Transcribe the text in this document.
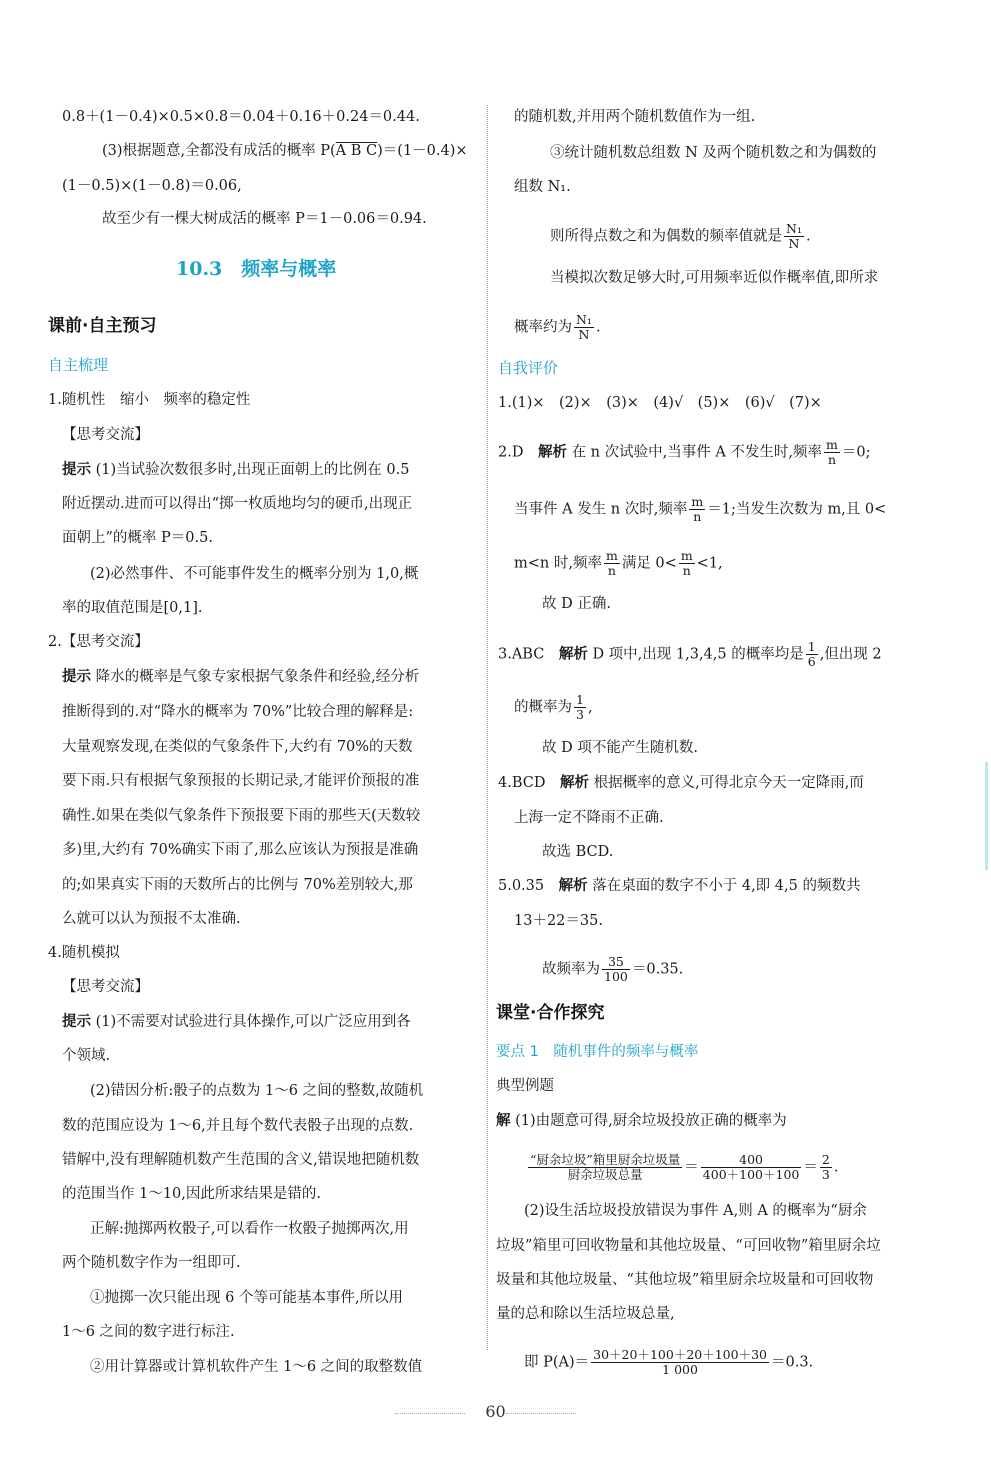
0.8＋(1－0.4)×0.5×0.8＝0.04＋0.16＋0.24＝0.44.
(3)根据题意,全都没有成活的概率 P(A B C)＝(1－0.4)×
(1－0.5)×(1－0.8)＝0.06,
故至少有一棵大树成活的概率 P＝1－0.06＝0.94.
10.3　频率与概率
课前·自主预习
自主梳理
1.随机性　缩小　频率的稳定性
【思考交流】
提示 (1)当试验次数很多时,出现正面朝上的比例在 0.5
附近摆动.进而可以得出“掷一枚质地均匀的硬币,出现正
面朝上”的概率 P＝0.5.
(2)必然事件、不可能事件发生的概率分别为 1,0,概
率的取值范围是[0,1].
2.【思考交流】
提示 降水的概率是气象专家根据气象条件和经验,经分析
推断得到的.对“降水的概率为 70%”比较合理的解释是:
大量观察发现,在类似的气象条件下,大约有 70%的天数
要下雨.只有根据气象预报的长期记录,才能评价预报的准
确性.如果在类似气象条件下预报要下雨的那些天(天数较
多)里,大约有 70%确实下雨了,那么应该认为预报是准确
的;如果真实下雨的天数所占的比例与 70%差别较大,那
么就可以认为预报不太准确.
4.随机模拟
【思考交流】
提示 (1)不需要对试验进行具体操作,可以广泛应用到各
个领域.
(2)错因分析:骰子的点数为 1～6 之间的整数,故随机
数的范围应设为 1～6,并且每个数代表骰子出现的点数.
错解中,没有理解随机数产生范围的含义,错误地把随机数
的范围当作 1～10,因此所求结果是错的.
正解:抛掷两枚骰子,可以看作一枚骰子抛掷两次,用
两个随机数字作为一组即可.
①抛掷一次只能出现 6 个等可能基本事件,所以用
1～6 之间的数字进行标注.
②用计算器或计算机软件产生 1～6 之间的取整数值
的随机数,并用两个随机数值作为一组.
③统计随机数总组数 N 及两个随机数之和为偶数的
组数 N₁.
则所得点数之和为偶数的频率值就是 $\frac{\text{N₁}}{N}$ .
当模拟次数足够大时,可用频率近似作概率值,即所求
概率约为 $\frac{\text{N₁}}{N}$ .
自我评价
1.(1)×　(2)×　(3)×　(4)√　(5)×　(6)√　(7)×
2.D　 解析 在 n 次试验中,当事件 A 不发生时,频率 $\frac{m}{n} =0$;
当事件 A 发生 n 次时,频率 $\frac{m}{n} =1$;当发生次数为 m,且 0<
m<n 时,频率 $\frac{m}{n}$ 满足 $0< \frac{m}{n} <1$,
故 D 正确.
3.ABC　 解析 D 项中,出现 1,3,4,5 的概率均是 $\frac{1}{6}$ ,但出现 2
的概率为 $\frac{1}{3}$ ,
故 D 项不能产生随机数.
4.BCD　 解析 根据概率的意义,可得北京今天一定降雨,而
上海一定不降雨不正确.
故选 BCD.
5.0.35　 解析 落在桌面的数字不小于 4,即 4,5 的频数共
13＋22＝35.
故频率为 $\frac{35}{100} =0.35$.
课堂·合作探究
要点 1　随机事件的频率与概率
典型例题
解 (1)由题意可得,厨余垃圾投放正确的概率为
$\frac{\text{“厨余垃圾”箱里厨余垃圾量}}{\text{厨余垃圾总量}} = \frac{400}{400+100+100} = \frac{2}{3}$ .
(2)设生活垃圾投放错误为事件 A,则 A 的概率为“厨余
垃圾”箱里可回收物量和其他垃圾量、“可回收物”箱里厨余垃
圾量和其他垃圾量、“其他垃圾”箱里厨余垃圾量和可回收物
量的总和除以生活垃圾总量,
即 $P(A)= \frac{30+20+100+20+100+30}{1 000} =0.3$.
60
